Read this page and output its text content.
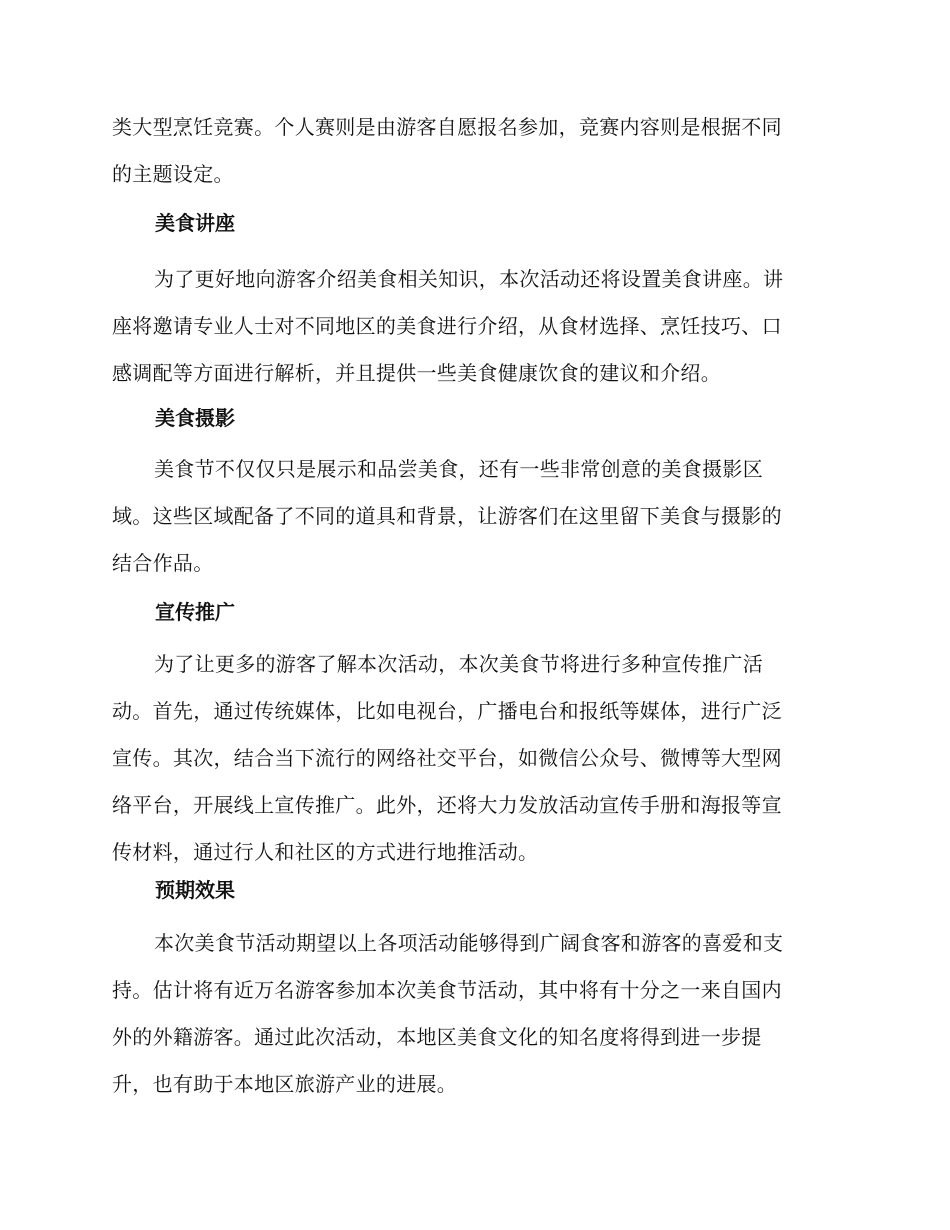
类大型烹饪竞赛。个人赛则是由游客自愿报名参加，竞赛内容则是根据不同
的主题设定。
美食讲座
为了更好地向游客介绍美食相关知识，本次活动还将设置美食讲座。讲
座将邀请专业人士对不同地区的美食进行介绍，从食材选择、烹饪技巧、口
感调配等方面进行解析，并且提供一些美食健康饮食的建议和介绍。
美食摄影
美食节不仅仅只是展示和品尝美食，还有一些非常创意的美食摄影区
域。这些区域配备了不同的道具和背景，让游客们在这里留下美食与摄影的
结合作品。
宣传推广
为了让更多的游客了解本次活动，本次美食节将进行多种宣传推广活
动。首先，通过传统媒体，比如电视台，广播电台和报纸等媒体，进行广泛
宣传。其次，结合当下流行的网络社交平台，如微信公众号、微博等大型网
络平台，开展线上宣传推广。此外，还将大力发放活动宣传手册和海报等宣
传材料，通过行人和社区的方式进行地推活动。
预期效果
本次美食节活动期望以上各项活动能够得到广阔食客和游客的喜爱和支
持。估计将有近万名游客参加本次美食节活动，其中将有十分之一来自国内
外的外籍游客。通过此次活动，本地区美食文化的知名度将得到进一步提
升，也有助于本地区旅游产业的进展。
